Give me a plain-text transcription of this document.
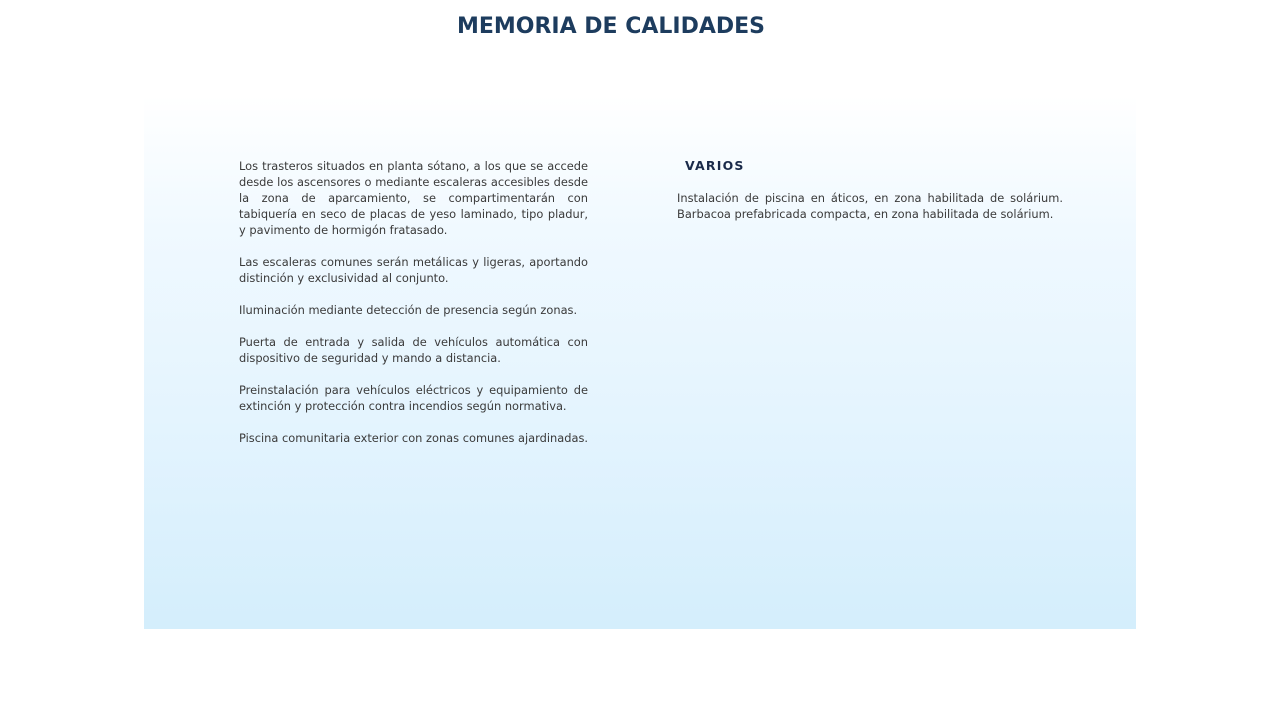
MEMORIA DE CALIDADES

Los trasteros situados en planta sótano, a los que se accede desde los ascensores o mediante escaleras accesibles desde la zona de aparcamiento, se compartimentarán con tabiquería en seco de placas de yeso laminado, tipo pladur, y pavimento de hormigón fratasado.

Las escaleras comunes serán metálicas y ligeras, aportando distinción y exclusividad al conjunto.

Iluminación mediante detección de presencia según zonas.

Puerta de entrada y salida de vehículos automática con dispositivo de seguridad y mando a distancia.

Preinstalación para vehículos eléctricos y equipamiento de extinción y protección contra incendios según normativa.

Piscina comunitaria exterior con zonas comunes ajardinadas.

VARIOS

Instalación de piscina en áticos, en zona habilitada de solárium. Barbacoa prefabricada compacta, en zona habilitada de solárium.
